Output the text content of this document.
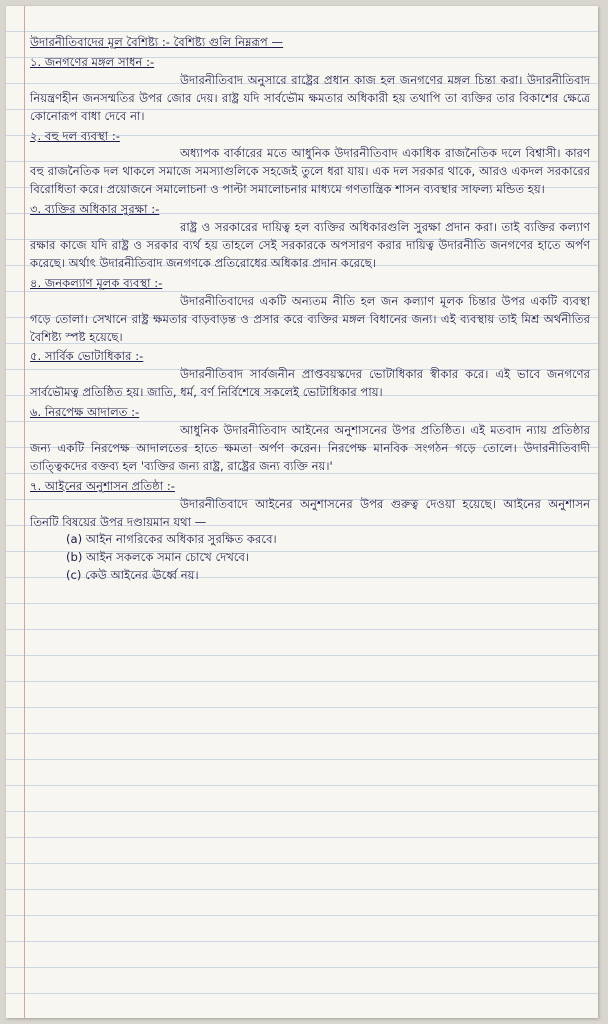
উদারনীতিবাদের মূল বৈশিষ্ট্য :- বৈশিষ্ট্য গুলি নিম্নরূপ —
১. জনগণের মঙ্গল সাধন :-
উদারনীতিবাদ অনুসারে রাষ্ট্রের প্রধান কাজ হল জনগণের মঙ্গল চিন্তা করা। উদারনীতিবাদ নিয়ন্ত্রণহীন জনসম্মতির উপর জোর দেয়। রাষ্ট্র যদি সার্বভৌম ক্ষমতার অধিকারী হয় তথাপি তা ব্যক্তির তার বিকাশের ক্ষেত্রে কোনোরূপ বাধা দেবে না।
২. বহু দল ব্যবস্থা :-
অধ্যাপক বার্কারের মতে আধুনিক উদারনীতিবাদ একাধিক রাজনৈতিক দলে বিশ্বাসী। কারণ বহু রাজনৈতিক দল থাকলে সমাজে সমস্যাগুলিকে সহজেই তুলে ধরা যায়। এক দল সরকার থাকে, আরও একদল সরকারের বিরোধিতা করে। প্রয়োজনে সমালোচনা ও পাল্টা সমালোচনার মাধ্যমে গণতান্ত্রিক শাসন ব্যবস্থার সাফল্য মন্ডিত হয়।
৩. ব্যক্তির অধিকার সুরক্ষা :-
রাষ্ট্র ও সরকারের দায়িত্ব হল ব্যক্তির অধিকারগুলি সুরক্ষা প্রদান করা। তাই ব্যক্তির কল্যাণ রক্ষার কাজে যদি রাষ্ট্র ও সরকার ব্যর্থ হয় তাহলে সেই সরকারকে অপসারণ করার দায়িত্ব উদারনীতি জনগণের হাতে অর্পণ করেছে। অর্থাৎ উদারনীতিবাদ জনগণকে প্রতিরোধের অধিকার প্রদান করেছে।
৪. জনকল্যাণ মূলক ব্যবস্থা :-
উদারনীতিবাদের একটি অন্যতম নীতি হল জন কল্যাণ মূলক চিন্তার উপর একটি ব্যবস্থা গড়ে তোলা। সেখানে রাষ্ট্র ক্ষমতার বাড়বাড়ন্ত ও প্রসার করে ব্যক্তির মঙ্গল বিধানের জন্য। এই ব্যবস্থায় তাই মিশ্র অর্থনীতির বৈশিষ্ট্য স্পষ্ট হয়েছে।
৫. সার্বিক ভোটাধিকার :-
উদারনীতিবাদ সার্বজনীন প্রাপ্তবয়স্কদের ভোটাধিকার স্বীকার করে। এই ভাবে জনগণের সার্বভৌমত্ব প্রতিষ্ঠিত হয়। জাতি, ধর্ম, বর্ণ নির্বিশেষে সকলেই ভোটাধিকার পায়।
৬. নিরপেক্ষ আদালত :-
আধুনিক উদারনীতিবাদ আইনের অনুশাসনের উপর প্রতিষ্ঠিত। এই মতবাদ ন্যায় প্রতিষ্ঠার জন্য একটি নিরপেক্ষ আদালতের হাতে ক্ষমতা অর্পণ করেন। নিরপেক্ষ মানবিক সংগঠন গড়ে তোলে। উদারনীতিবাদী তাত্ত্বিকদের বক্তব্য হল 'ব্যক্তির জন্য রাষ্ট্র, রাষ্ট্রের জন্য ব্যক্তি নয়।'
৭. আইনের অনুশাসন প্রতিষ্ঠা :-
উদারনীতিবাদে আইনের অনুশাসনের উপর গুরুত্ব দেওয়া হয়েছে। আইনের অনুশাসন তিনটি বিষয়ের উপর দণ্ডায়মান যথা —
(a) আইন নাগরিকের অধিকার সুরক্ষিত করবে।
(b) আইন সকলকে সমান চোখে দেখবে।
(c) কেউ আইনের ঊর্ধ্বে নয়।
